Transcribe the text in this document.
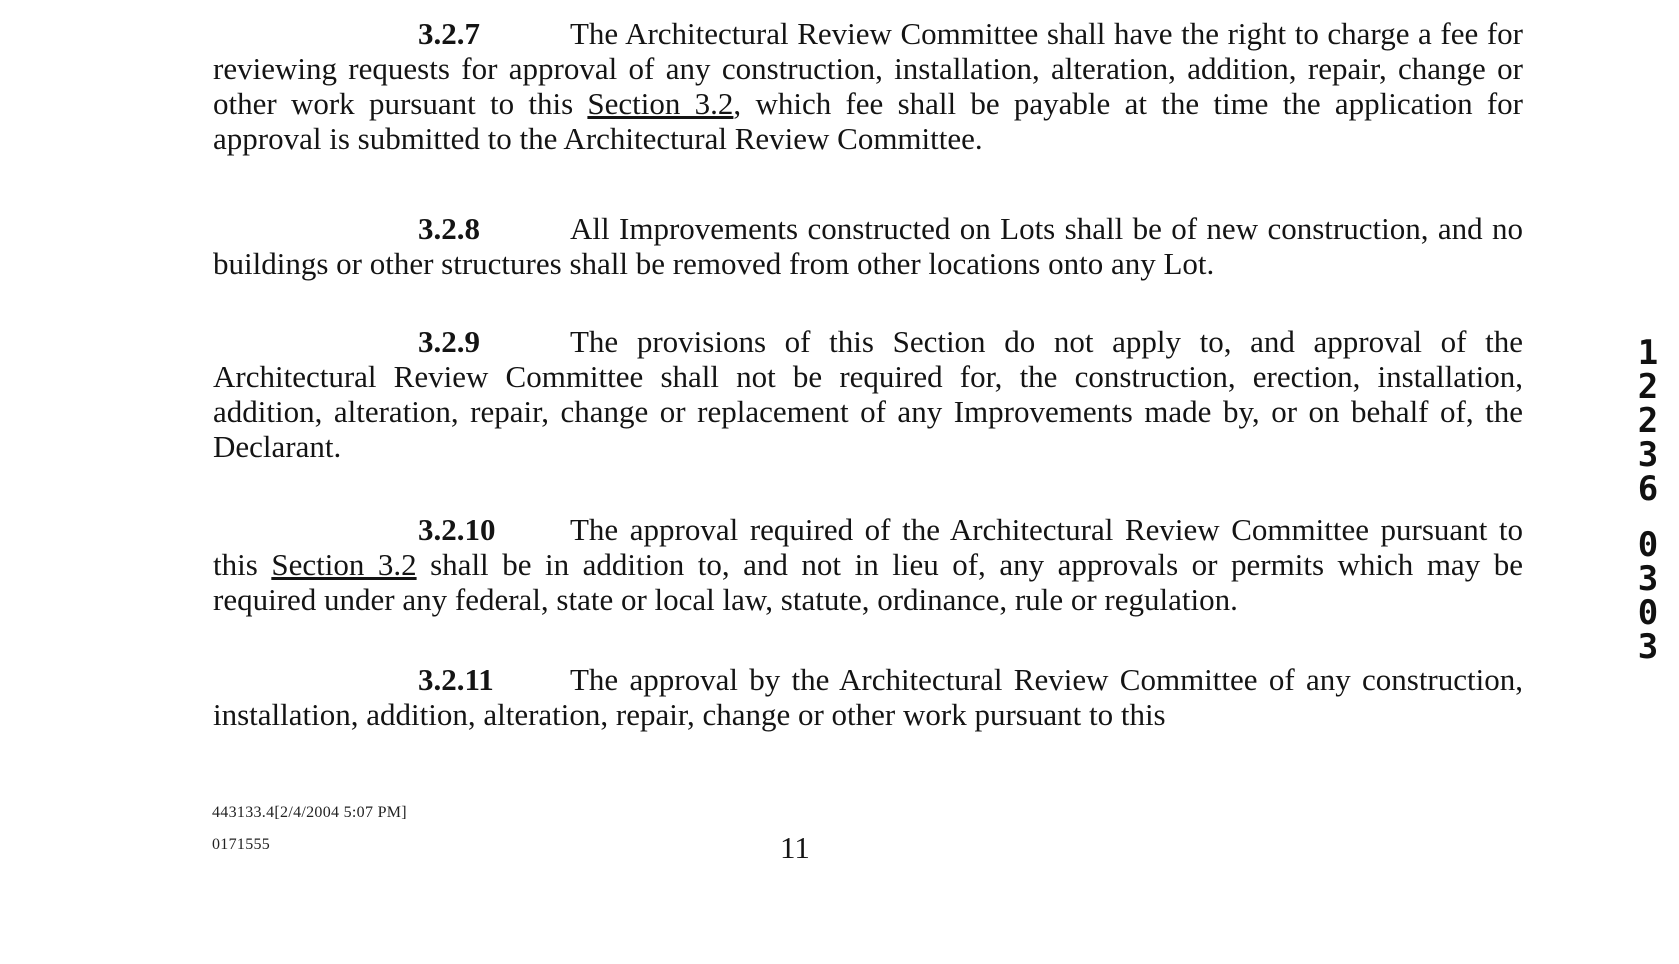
3.2.7	The Architectural Review Committee shall have the right to charge a fee for reviewing requests for approval of any construction, installation, alteration, addition, repair, change or other work pursuant to this Section 3.2, which fee shall be payable at the time the application for approval is submitted to the Architectural Review Committee.

3.2.8	All Improvements constructed on Lots shall be of new construction, and no buildings or other structures shall be removed from other locations onto any Lot.

3.2.9	The provisions of this Section do not apply to, and approval of the Architectural Review Committee shall not be required for, the construction, erection, installation, addition, alteration, repair, change or replacement of any Improvements made by, or on behalf of, the Declarant.

3.2.10 The approval required of the Architectural Review Committee pursuant to this Section 3.2 shall be in addition to, and not in lieu of, any approvals or permits which may be required under any federal, state or local law, statute, ordinance, rule or regulation.

3.2.11 The approval by the Architectural Review Committee of any construction, installation, addition, alteration, repair, change or other work pursuant to this

443133.4[2/4/2004 5:07 PM]
0171555	11
1
2
2
3
6
0
3
0
3
